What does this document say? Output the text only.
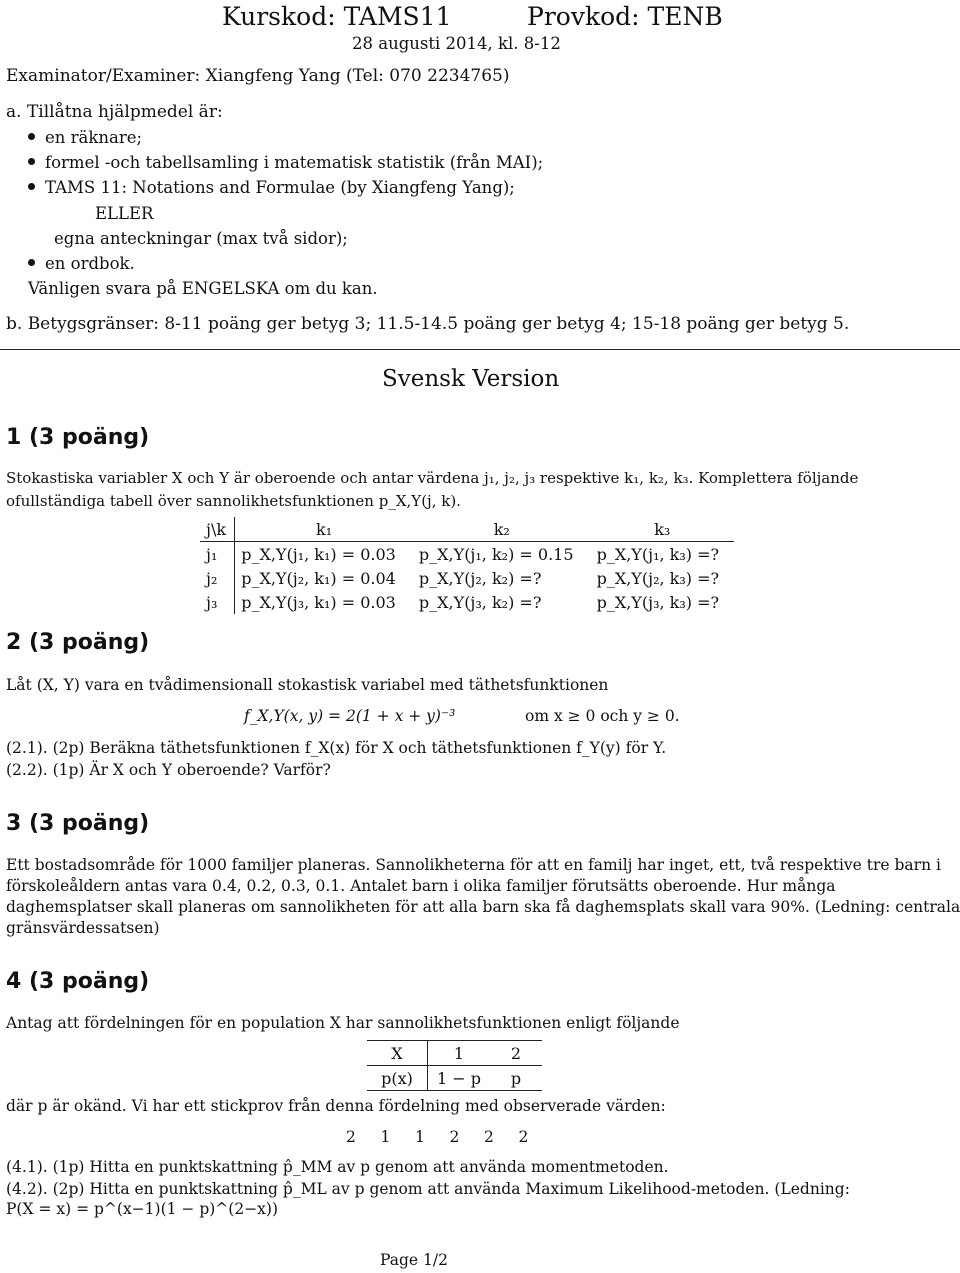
Kurskod: TAMS11	Provkod: TENB
28 augusti 2014, kl. 8-12
Examinator/Examiner: Xiangfeng Yang (Tel: 070 2234765)
a. Tillåtna hjälpmedel är:
en räknare;
formel -och tabellsamling i matematisk statistik (från MAI);
TAMS 11: Notations and Formulae (by Xiangfeng Yang);
ELLER
egna anteckningar (max två sidor);
en ordbok.
Vänligen svara på ENGELSKA om du kan.
b. Betygsgränser: 8-11 poäng ger betyg 3; 11.5-14.5 poäng ger betyg 4; 15-18 poäng ger betyg 5.
Svensk Version
1 (3 poäng)
Stokastiska variabler X och Y är oberoende och antar värdena j₁, j₂, j₃ respektive k₁, k₂, k₃. Komplettera följande
ofullständiga tabell över sannolikhetsfunktionen p_X,Y(j, k).
j\k	k₁	k₂	k₃
j₁	p_X,Y(j₁, k₁) = 0.03	p_X,Y(j₁, k₂) = 0.15	p_X,Y(j₁, k₃) =?
j₂	p_X,Y(j₂, k₁) = 0.04	p_X,Y(j₂, k₂) =?	p_X,Y(j₂, k₃) =?
j₃	p_X,Y(j₃, k₁) = 0.03	p_X,Y(j₃, k₂) =?	p_X,Y(j₃, k₃) =?
2 (3 poäng)
Låt (X, Y) vara en tvådimensionall stokastisk variabel med täthetsfunktionen
f_X,Y(x, y) = 2(1 + x + y)⁻³	om x ≥ 0 och y ≥ 0.
(2.1). (2p) Beräkna täthetsfunktionen f_X(x) för X och täthetsfunktionen f_Y(y) för Y.
(2.2). (1p) Är X och Y oberoende? Varför?
3 (3 poäng)
Ett bostadsområde för 1000 familjer planeras. Sannolikheterna för att en familj har inget, ett, två respektive tre barn i
förskoleåldern antas vara 0.4, 0.2, 0.3, 0.1. Antalet barn i olika familjer förutsätts oberoende. Hur många
daghemsplatser skall planeras om sannolikheten för att alla barn ska få daghemsplats skall vara 90%. (Ledning: centrala
gränsvärdessatsen)
4 (3 poäng)
Antag att fördelningen för en population X har sannolikhetsfunktionen enligt följande
X	1	2
p(x)	1 − p	p
där p är okänd. Vi har ett stickprov från denna fördelning med observerade värden:
2     1     1     2     2     2
(4.1). (1p) Hitta en punktskattning p̂_MM av p genom att använda momentmetoden.
(4.2). (2p) Hitta en punktskattning p̂_ML av p genom att använda Maximum Likelihood-metoden. (Ledning:
P(X = x) = p^(x−1)(1 − p)^(2−x))
Page 1/2
